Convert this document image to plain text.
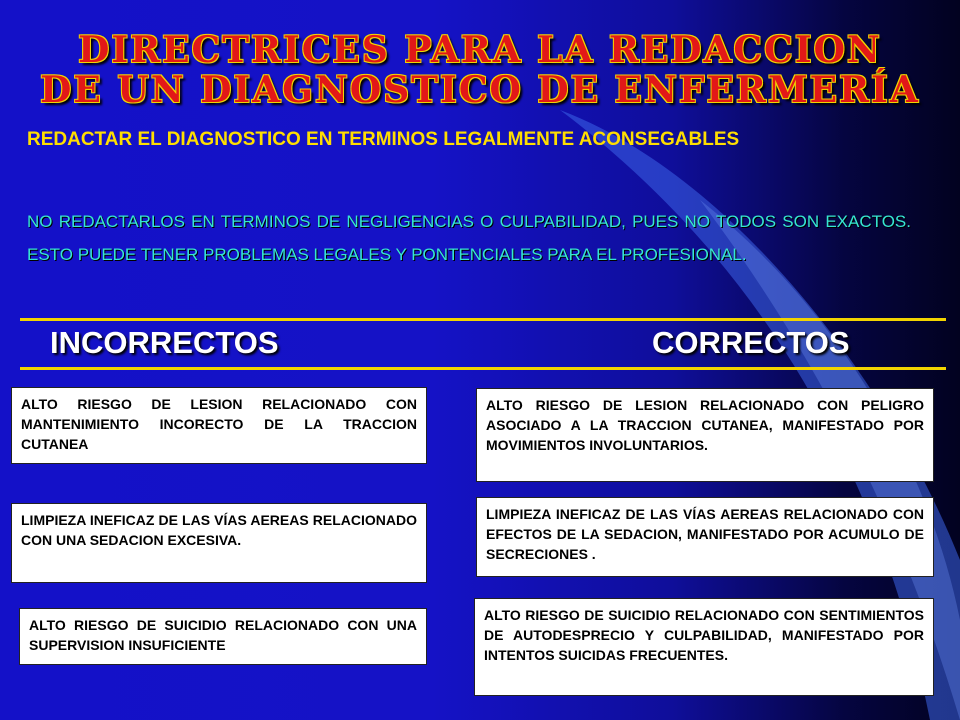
DIRECTRICES PARA LA REDACCION
DE UN DIAGNOSTICO DE ENFERMERÍA
REDACTAR EL DIAGNOSTICO EN TERMINOS LEGALMENTE ACONSEGABLES
NO REDACTARLOS EN TERMINOS DE NEGLIGENCIAS O CULPABILIDAD, PUES NO TODOS SON EXACTOS. ESTO PUEDE TENER PROBLEMAS LEGALES Y PONTENCIALES PARA EL PROFESIONAL.
INCORRECTOS	CORRECTOS
ALTO RIESGO DE LESION RELACIONADO CON MANTENIMIENTO INCORECTO DE LA TRACCION CUTANEA
LIMPIEZA INEFICAZ DE LAS VÍAS AEREAS RELACIONADO CON UNA SEDACION EXCESIVA.
ALTO RIESGO DE SUICIDIO RELACIONADO CON UNA SUPERVISION INSUFICIENTE
ALTO RIESGO DE LESION RELACIONADO CON PELIGRO ASOCIADO A LA TRACCION CUTANEA, MANIFESTADO POR MOVIMIENTOS INVOLUNTARIOS.
LIMPIEZA INEFICAZ DE LAS VÍAS AEREAS RELACIONADO CON EFECTOS DE LA SEDACION, MANIFESTADO POR ACUMULO DE SECRECIONES .
ALTO RIESGO DE SUICIDIO RELACIONADO CON SENTIMIENTOS DE AUTODESPRECIO Y CULPABILIDAD, MANIFESTADO POR INTENTOS SUICIDAS FRECUENTES.
